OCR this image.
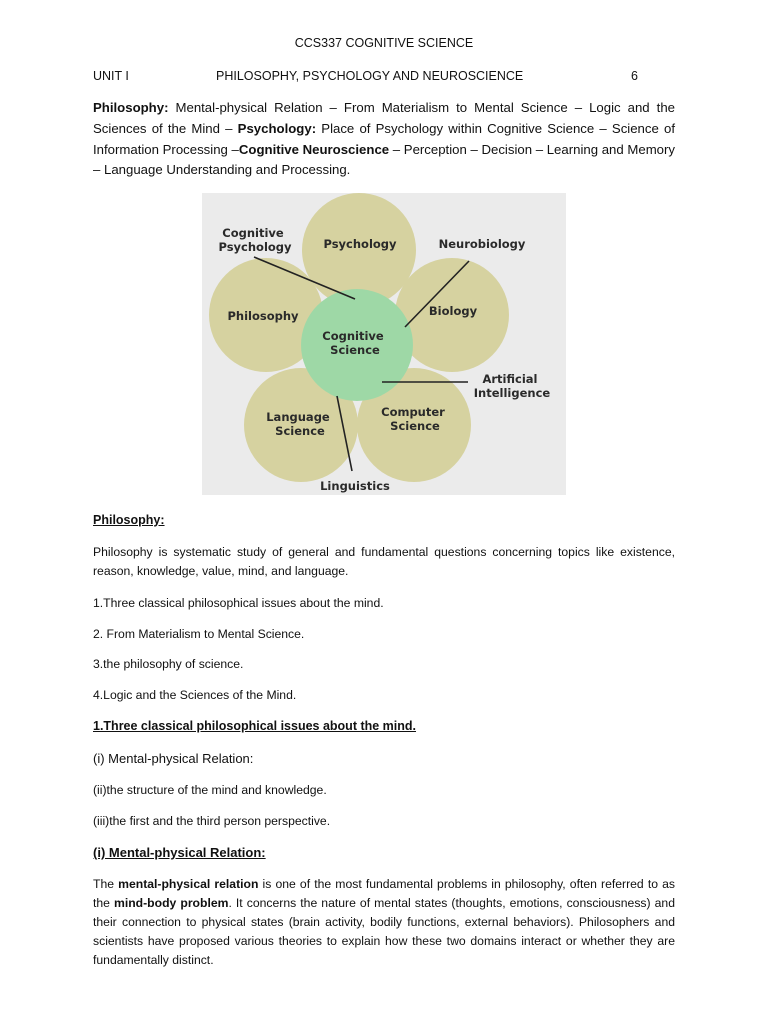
CCS337 COGNITIVE SCIENCE
UNIT I	PHILOSOPHY, PSYCHOLOGY AND NEUROSCIENCE	6

Philosophy: Mental-physical Relation – From Materialism to Mental Science – Logic and the Sciences of the Mind – Psychology: Place of Psychology within Cognitive Science – Science of Information Processing –Cognitive Neuroscience – Perception – Decision – Learning and Memory – Language Understanding and Processing.

Cognitive Psychology	Psychology	Neurobiology
Philosophy	Biology
Cognitive Science
Artificial Intelligence
Language Science
Computer Science
Linguistics

Philosophy:

Philosophy is systematic study of general and fundamental questions concerning topics like existence, reason, knowledge, value, mind, and language.

1.Three classical philosophical issues about the mind.

2. From Materialism to Mental Science.

3.the philosophy of science.

4.Logic and the Sciences of the Mind.

1.Three classical philosophical issues about the mind.

(i) Mental-physical Relation:

(ii)the structure of the mind and knowledge.

(iii)the first and the third person perspective.

(i) Mental-physical Relation:

The mental-physical relation is one of the most fundamental problems in philosophy, often referred to as the mind-body problem. It concerns the nature of mental states (thoughts, emotions, consciousness) and their connection to physical states (brain activity, bodily functions, external behaviors). Philosophers and scientists have proposed various theories to explain how these two domains interact or whether they are fundamentally distinct.
